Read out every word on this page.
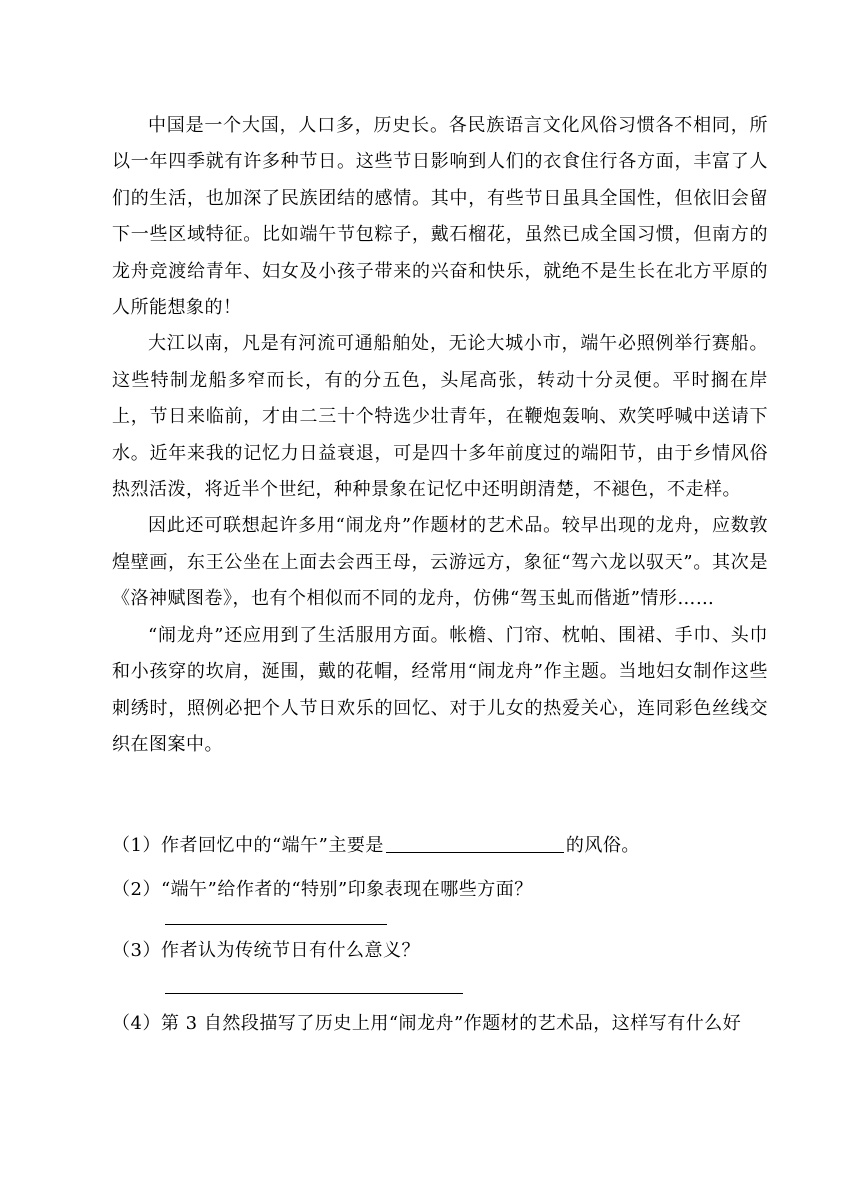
中国是一个大国，人口多，历史长。各民族语言文化风俗习惯各不相同，所以一年四季就有许多种节日。这些节日影响到人们的衣食住行各方面，丰富了人们的生活，也加深了民族团结的感情。其中，有些节日虽具全国性，但依旧会留下一些区域特征。比如端午节包粽子，戴石榴花，虽然已成全国习惯，但南方的龙舟竞渡给青年、妇女及小孩子带来的兴奋和快乐，就绝不是生长在北方平原的人所能想象的！

大江以南，凡是有河流可通船舶处，无论大城小市，端午必照例举行赛船。这些特制龙船多窄而长，有的分五色，头尾高张，转动十分灵便。平时搁在岸上，节日来临前，才由二三十个特选少壮青年，在鞭炮轰响、欢笑呼喊中送请下水。近年来我的记忆力日益衰退，可是四十多年前度过的端阳节，由于乡情风俗热烈活泼，将近半个世纪，种种景象在记忆中还明朗清楚，不褪色，不走样。

因此还可联想起许多用“闹龙舟”作题材的艺术品。较早出现的龙舟，应数敦煌壁画，东王公坐在上面去会西王母，云游远方，象征“驾六龙以驭天”。其次是《洛神赋图卷》，也有个相似而不同的龙舟，仿佛“驾玉虬而偕逝”情形……

“闹龙舟”还应用到了生活服用方面。帐檐、门帘、枕帕、围裙、手巾、头巾和小孩穿的坎肩，涎围，戴的花帽，经常用“闹龙舟”作主题。当地妇女制作这些刺绣时，照例必把个人节日欢乐的回忆、对于儿女的热爱关心，连同彩色丝线交织在图案中。

（1）作者回忆中的“端午”主要是	的风俗。
（2）“端午”给作者的“特别”印象表现在哪些方面？
（3）作者认为传统节日有什么意义？
（4）第 3 自然段描写了历史上用“闹龙舟”作题材的艺术品，这样写有什么好
